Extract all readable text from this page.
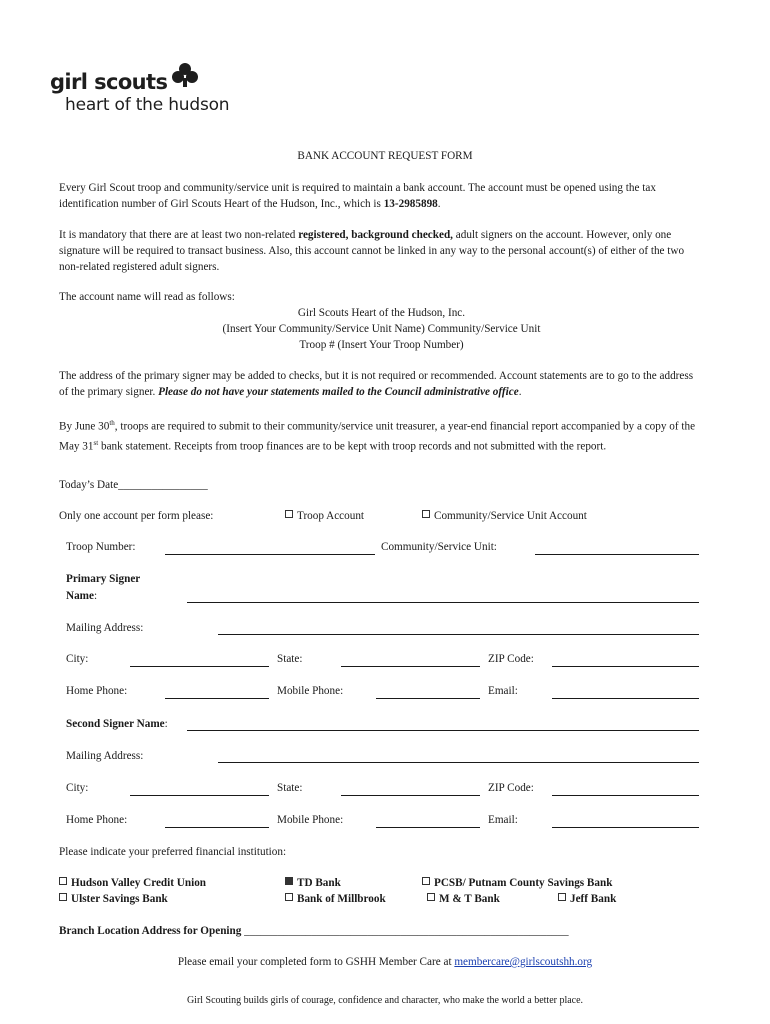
girl scouts
heart of the hudson
BANK ACCOUNT REQUEST FORM
Every Girl Scout troop and community/service unit is required to maintain a bank account. The account must be opened using the tax identification number of Girl Scouts Heart of the Hudson, Inc., which is 13-2985898.
It is mandatory that there are at least two non-related registered, background checked, adult signers on the account. However, only one signature will be required to transact business. Also, this account cannot be linked in any way to the personal account(s) of either of the two non-related registered adult signers.
The account name will read as follows:
Girl Scouts Heart of the Hudson, Inc.
(Insert Your Community/Service Unit Name) Community/Service Unit
Troop # (Insert Your Troop Number)
The address of the primary signer may be added to checks, but it is not required or recommended. Account statements are to go to the address of the primary signer. Please do not have your statements mailed to the Council administrative office.
By June 30th, troops are required to submit to their community/service unit treasurer, a year-end financial report accompanied by a copy of the May 31st bank statement. Receipts from troop finances are to be kept with troop records and not submitted with the report.
Today’s Date________________
Only one account per form please:	Troop Account	Community/Service Unit Account
Troop Number:	Community/Service Unit:
Primary Signer
Name:
Mailing Address:
City:	State:	ZIP Code:
Home Phone:	Mobile Phone:	Email:
Second Signer Name:
Mailing Address:
City:	State:	ZIP Code:
Home Phone:	Mobile Phone:	Email:
Please indicate your preferred financial institution:
Hudson Valley Credit Union	TD Bank	PCSB/ Putnam County Savings Bank
Ulster Savings Bank	Bank of Millbrook	M & T Bank	Jeff Bank
Branch Location Address for Opening __________________________________________________________
Please email your completed form to GSHH Member Care at membercare@girlscoutshh.org
Girl Scouting builds girls of courage, confidence and character, who make the world a better place.
